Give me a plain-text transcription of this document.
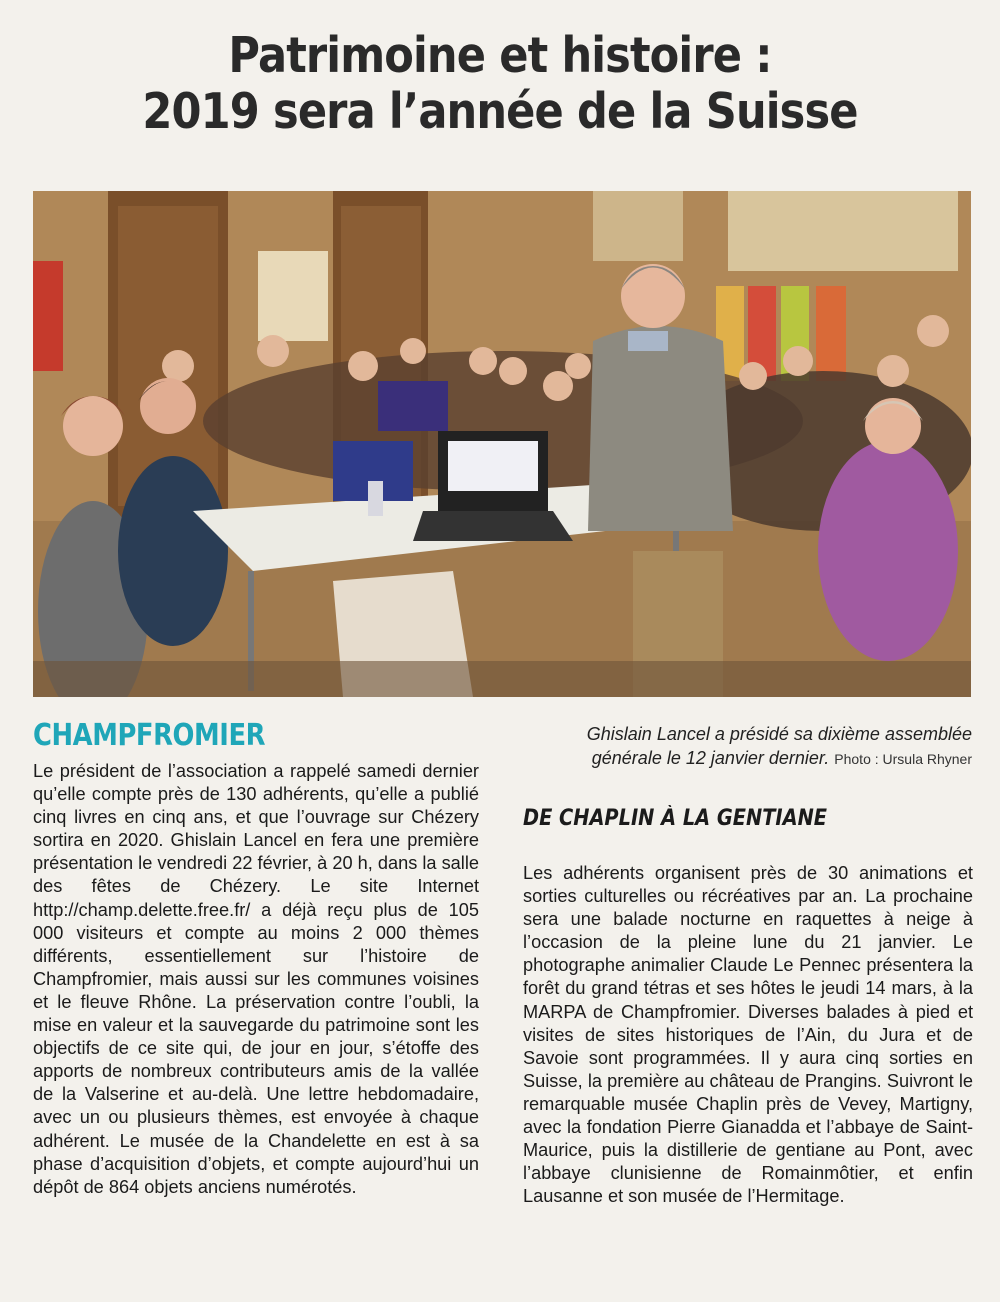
Patrimoine et histoire :
2019 sera l’année de la Suisse
CHAMPFROMIER

Le président de l’association a rappelé samedi dernier qu’elle compte près de 130 adhérents, qu’elle a publié cinq livres en cinq ans, et que l’ouvrage sur Chézery sortira en 2020. Ghislain Lancel en fera une première présentation le vendredi 22 février, à 20 h, dans la salle des fêtes de Chézery. Le site Internet http://champ.delette.free.fr/ a déjà reçu plus de 105 000 visiteurs et compte au moins 2 000 thèmes différents, essentiellement sur l’histoire de Champfromier, mais aussi sur les communes voisines et le fleuve Rhône. La préservation contre l’oubli, la mise en valeur et la sauvegarde du patrimoine sont les objectifs de ce site qui, de jour en jour, s’étoffe des apports de nombreux contributeurs amis de la vallée de la Valserine et au-delà. Une lettre hebdomadaire, avec un ou plusieurs thèmes, est envoyée à chaque adhérent. Le musée de la Chandelette en est à sa phase d’acquisition d’objets, et compte aujourd’hui un dépôt de 864 objets anciens numérotés.

Ghislain Lancel a présidé sa dixième assemblée générale le 12 janvier dernier. Photo : Ursula Rhyner
DE CHAPLIN À LA GENTIANE

Les adhérents organisent près de 30 animations et sorties culturelles ou récréatives par an. La prochaine sera une balade nocturne en raquettes à neige à l’occasion de la pleine lune du 21 janvier. Le photographe animalier Claude Le Pennec présentera la forêt du grand tétras et ses hôtes le jeudi 14 mars, à la MARPA de Champfromier. Diverses balades à pied et visites de sites historiques de l’Ain, du Jura et de Savoie sont programmées. Il y aura cinq sorties en Suisse, la première au château de Prangins. Suivront le remarquable musée Chaplin près de Vevey, Martigny, avec la fondation Pierre Gianadda et l’abbaye de Saint-Maurice, puis la distillerie de gentiane au Pont, avec l’abbaye clunisienne de Romainmôtier, et enfin Lausanne et son musée de l’Hermitage.
